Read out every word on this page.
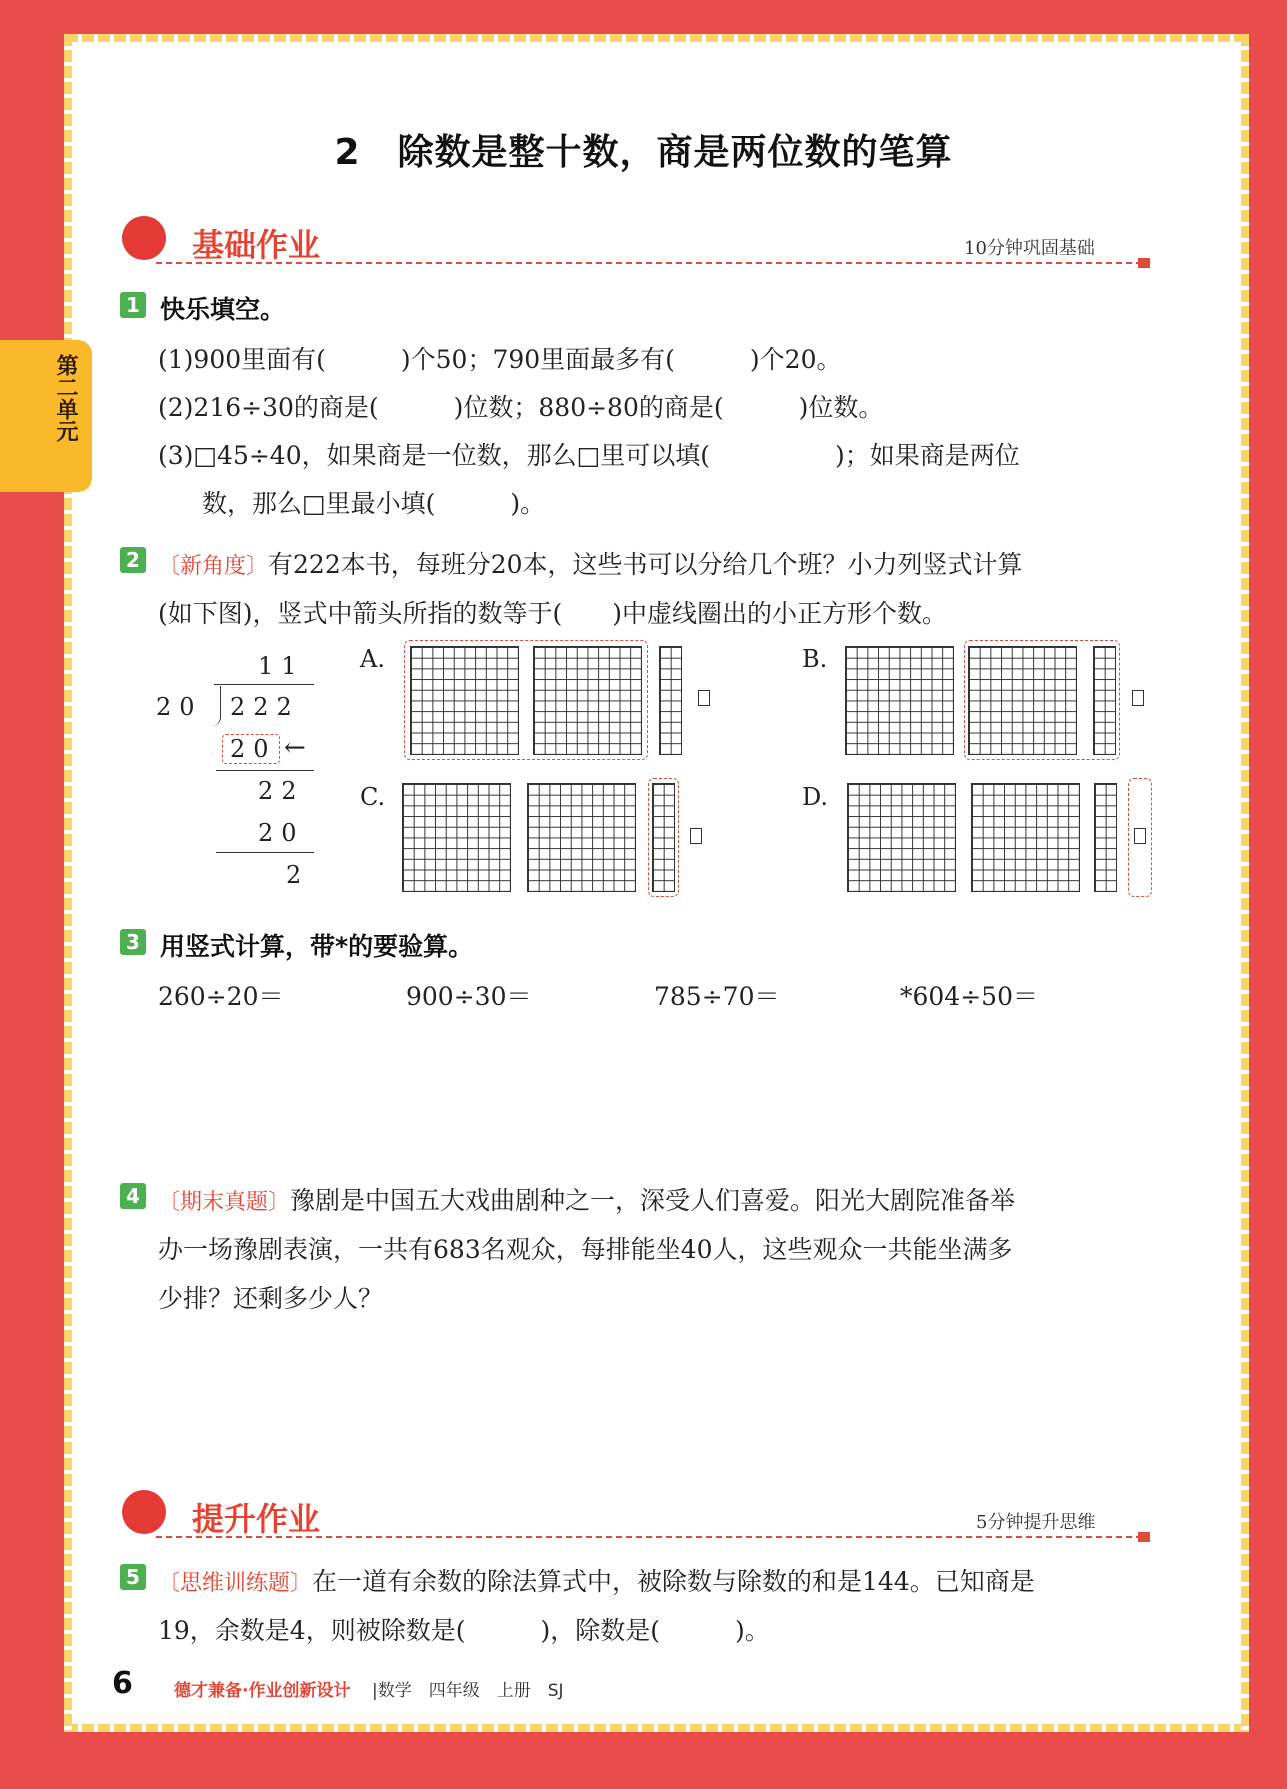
第二单元
2　除数是整十数，商是两位数的笔算
基础作业	10分钟巩固基础
1 快乐填空。
(1)900里面有(　　　)个50；790里面最多有(　　　)个20。
(2)216÷30的商是(　　　)位数；880÷80的商是(　　　)位数。
(3)□45÷40，如果商是一位数，那么□里可以填(　　　　　)；如果商是两位
数，那么□里最小填(　　　)。
2 〔新角度〕有222本书，每班分20本，这些书可以分给几个班？小力列竖式计算
(如下图)，竖式中箭头所指的数等于(　　)中虚线圈出的小正方形个数。
11
20 222
20 ←
22
20
2
A.	B.
C.	D.
3 用竖式计算，带*的要验算。
260÷20＝	900÷30＝	785÷70＝	*604÷50＝
4 〔期末真题〕豫剧是中国五大戏曲剧种之一，深受人们喜爱。阳光大剧院准备举
办一场豫剧表演，一共有683名观众，每排能坐40人，这些观众一共能坐满多
少排？还剩多少人？
提升作业	5分钟提升思维
5 〔思维训练题〕在一道有余数的除法算式中，被除数与除数的和是144。已知商是
19，余数是4，则被除数是(　　　)，除数是(　　　)。
6 德才兼备·作业创新设计 |数学　四年级　上册　SJ
